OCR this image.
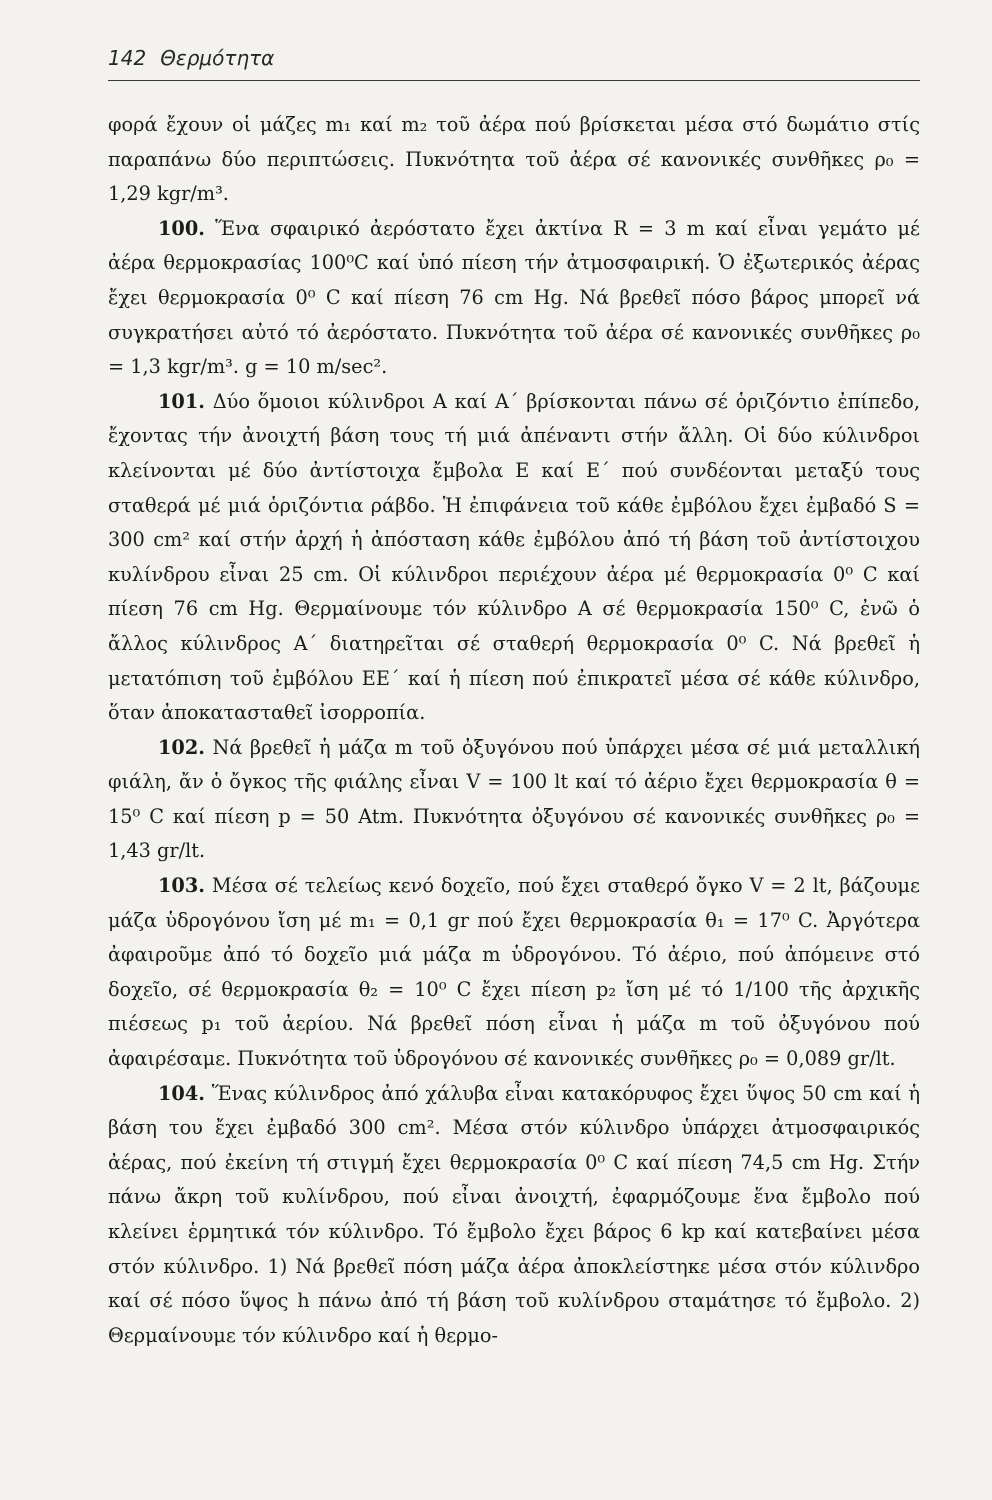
142 Θερμότητα

φορά ἔχουν οἱ μάζες m₁ καί m₂ τοῦ ἀέρα πού βρίσκεται μέσα στό δωμάτιο στίς παραπάνω δύο περιπτώσεις. Πυκνότητα τοῦ ἀέρα σέ κανονικές συνθῆκες ρ₀ = 1,29 kgr/m³.

100. Ἕνα σφαιρικό ἀερόστατο ἔχει ἀκτίνα R = 3 m καί εἶναι γεμάτο μέ ἀέρα θερμοκρασίας 100⁰C καί ὑπό πίεση τήν ἀτμοσφαιρική. Ὁ ἐξωτερικός ἀέρας ἔχει θερμοκρασία 0⁰ C καί πίεση 76 cm Hg. Νά βρεθεῖ πόσο βάρος μπορεῖ νά συγκρατήσει αὐτό τό ἀερόστατο. Πυκνότητα τοῦ ἀέρα σέ κανονικές συνθῆκες ρ₀ = 1,3 kgr/m³. g = 10 m/sec².

101. Δύο ὅμοιοι κύλινδροι Α καί Α΄ βρίσκονται πάνω σέ ὁριζόντιο ἐπίπεδο, ἔχοντας τήν ἀνοιχτή βάση τους τή μιά ἀπέναντι στήν ἄλλη. Οἱ δύο κύλινδροι κλείνονται μέ δύο ἀντίστοιχα ἔμβολα Ε καί Ε΄ πού συνδέονται μεταξύ τους σταθερά μέ μιά ὁριζόντια ράβδο. Ἡ ἐπιφάνεια τοῦ κάθε ἐμβόλου ἔχει ἐμβαδό S = 300 cm² καί στήν ἀρχή ἡ ἀπόσταση κάθε ἐμβόλου ἀπό τή βάση τοῦ ἀντίστοιχου κυλίνδρου εἶναι 25 cm. Οἱ κύλινδροι περιέχουν ἀέρα μέ θερμοκρασία 0⁰ C καί πίεση 76 cm Hg. Θερμαίνουμε τόν κύλινδρο Α σέ θερμοκρασία 150⁰ C, ἐνῶ ὁ ἄλλος κύλινδρος Α΄ διατηρεῖται σέ σταθερή θερμοκρασία 0⁰ C. Νά βρεθεῖ ἡ μετατόπιση τοῦ ἐμβόλου ΕΕ΄ καί ἡ πίεση πού ἐπικρατεῖ μέσα σέ κάθε κύλινδρο, ὅταν ἀποκατασταθεῖ ἰσορροπία.

102. Νά βρεθεῖ ἡ μάζα m τοῦ ὀξυγόνου πού ὑπάρχει μέσα σέ μιά μεταλλική φιάλη, ἄν ὁ ὄγκος τῆς φιάλης εἶναι V = 100 lt καί τό ἀέριο ἔχει θερμοκρασία θ = 15⁰ C καί πίεση p = 50 Atm. Πυκνότητα ὀξυγόνου σέ κανονικές συνθῆκες ρ₀ = 1,43 gr/lt.

103. Μέσα σέ τελείως κενό δοχεῖο, πού ἔχει σταθερό ὄγκο V = 2 lt, βάζουμε μάζα ὑδρογόνου ἴση μέ m₁ = 0,1 gr πού ἔχει θερμοκρασία θ₁ = 17⁰ C. Ἀργότερα ἀφαιροῦμε ἀπό τό δοχεῖο μιά μάζα m ὑδρογόνου. Τό ἀέριο, πού ἀπόμεινε στό δοχεῖο, σέ θερμοκρασία θ₂ = 10⁰ C ἔχει πίεση p₂ ἴση μέ τό 1/100 τῆς ἀρχικῆς πιέσεως p₁ τοῦ ἀερίου. Νά βρεθεῖ πόση εἶναι ἡ μάζα m τοῦ ὀξυγόνου πού ἀφαιρέσαμε. Πυκνότητα τοῦ ὑδρογόνου σέ κανονικές συνθῆκες ρ₀ = 0,089 gr/lt.

104. Ἕνας κύλινδρος ἀπό χάλυβα εἶναι κατακόρυφος ἔχει ὕψος 50 cm καί ἡ βάση του ἔχει ἐμβαδό 300 cm². Μέσα στόν κύλινδρο ὑπάρχει ἀτμοσφαιρικός ἀέρας, πού ἐκείνη τή στιγμή ἔχει θερμοκρασία 0⁰ C καί πίεση 74,5 cm Hg. Στήν πάνω ἄκρη τοῦ κυλίνδρου, πού εἶναι ἀνοιχτή, ἐφαρμόζουμε ἕνα ἔμβολο πού κλείνει ἑρμητικά τόν κύλινδρο. Τό ἔμβολο ἔχει βάρος 6 kp καί κατεβαίνει μέσα στόν κύλινδρο. 1) Νά βρεθεῖ πόση μάζα ἀέρα ἀποκλείστηκε μέσα στόν κύλινδρο καί σέ πόσο ὕψος h πάνω ἀπό τή βάση τοῦ κυλίνδρου σταμάτησε τό ἔμβολο. 2) Θερμαίνουμε τόν κύλινδρο καί ἡ θερμο-
